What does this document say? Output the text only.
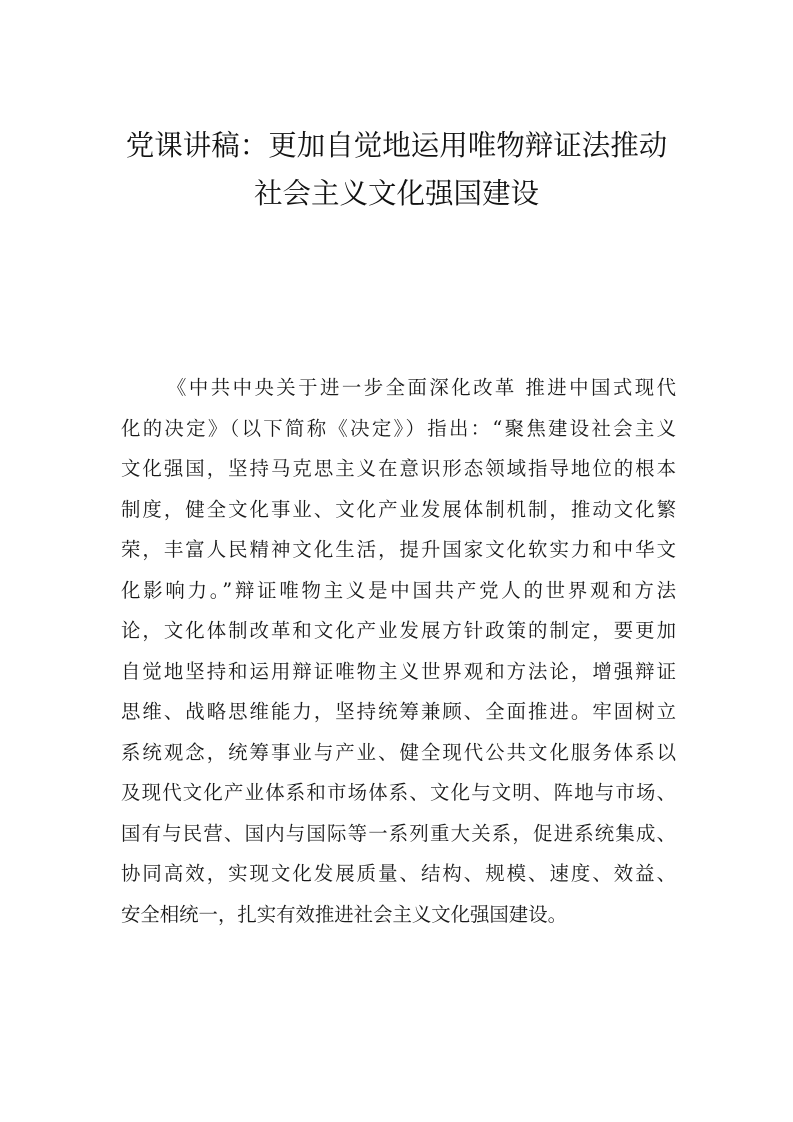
党课讲稿：更加自觉地运用唯物辩证法推动
社会主义文化强国建设
《中共中央关于进一步全面深化改革 推进中国式现代
化的决定》（以下简称《决定》）指出：“聚焦建设社会主义
文化强国，坚持马克思主义在意识形态领域指导地位的根本
制度，健全文化事业、文化产业发展体制机制，推动文化繁
荣，丰富人民精神文化生活，提升国家文化软实力和中华文
化影响力。”辩证唯物主义是中国共产党人的世界观和方法
论，文化体制改革和文化产业发展方针政策的制定，要更加
自觉地坚持和运用辩证唯物主义世界观和方法论，增强辩证
思维、战略思维能力，坚持统筹兼顾、全面推进。牢固树立
系统观念，统筹事业与产业、健全现代公共文化服务体系以
及现代文化产业体系和市场体系、文化与文明、阵地与市场、
国有与民营、国内与国际等一系列重大关系，促进系统集成、
协同高效，实现文化发展质量、结构、规模、速度、效益、
安全相统一，扎实有效推进社会主义文化强国建设。
